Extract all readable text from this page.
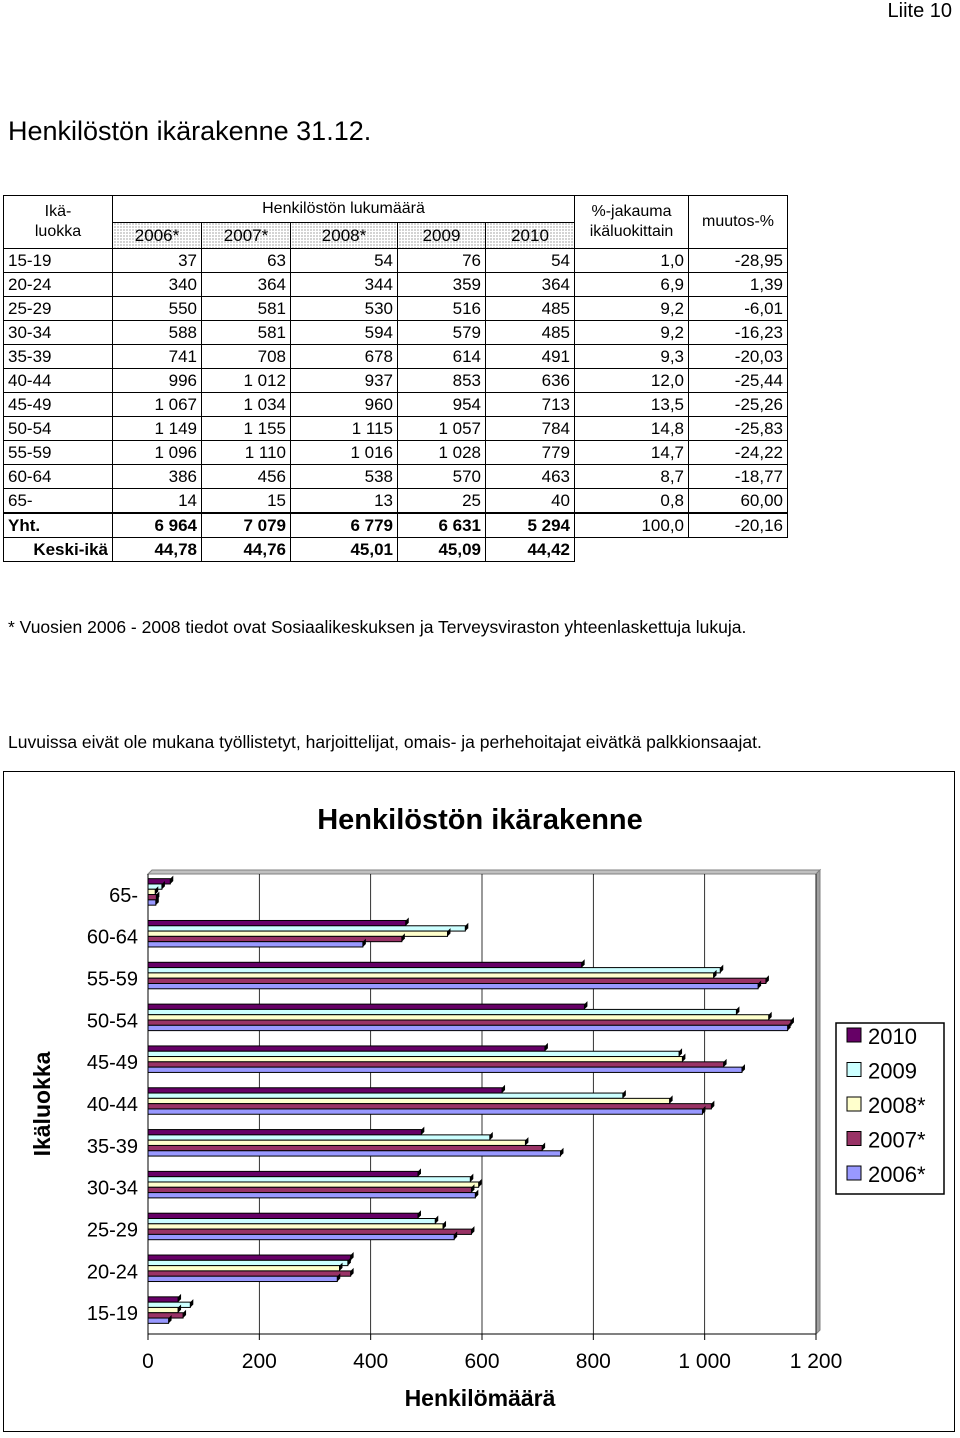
Liite 10
Henkilöstön ikärakenne 31.12.
Ikä-
luokka	Henkilöstön lukumäärä					%-jakauma
ikäluokittain	muutos-%
	2006*	2007*	2008*	2009	2010		
15-19	37	63	54	76	54	1,0	-28,95
20-24	340	364	344	359	364	6,9	1,39
25-29	550	581	530	516	485	9,2	-6,01
30-34	588	581	594	579	485	9,2	-16,23
35-39	741	708	678	614	491	9,3	-20,03
40-44	996	1 012	937	853	636	12,0	-25,44
45-49	1 067	1 034	960	954	713	13,5	-25,26
50-54	1 149	1 155	1 115	1 057	784	14,8	-25,83
55-59	1 096	1 110	1 016	1 028	779	14,7	-24,22
60-64	386	456	538	570	463	8,7	-18,77
65-	14	15	13	25	40	0,8	60,00
Yht.	6 964	7 079	6 779	6 631	5 294	100,0	-20,16
Keski-ikä	44,78	44,76	45,01	45,09	44,42		
* Vuosien 2006 - 2008 tiedot ovat Sosiaalikeskuksen ja Terveysviraston yhteenlaskettuja lukuja.
Luvuissa eivät ole mukana työllistetyt, harjoittelijat, omais- ja perhehoitajat eivätkä palkkionsaajat.
Henkilöstön ikärakenne
0	200	400	600	800	1 000	1 200
15-19
20-24
25-29
30-34
35-39
40-44
45-49
50-54
55-59
60-64
65-
Henkilömäärä
Ikäluokka
2010
2009
2008*
2007*
2006*
